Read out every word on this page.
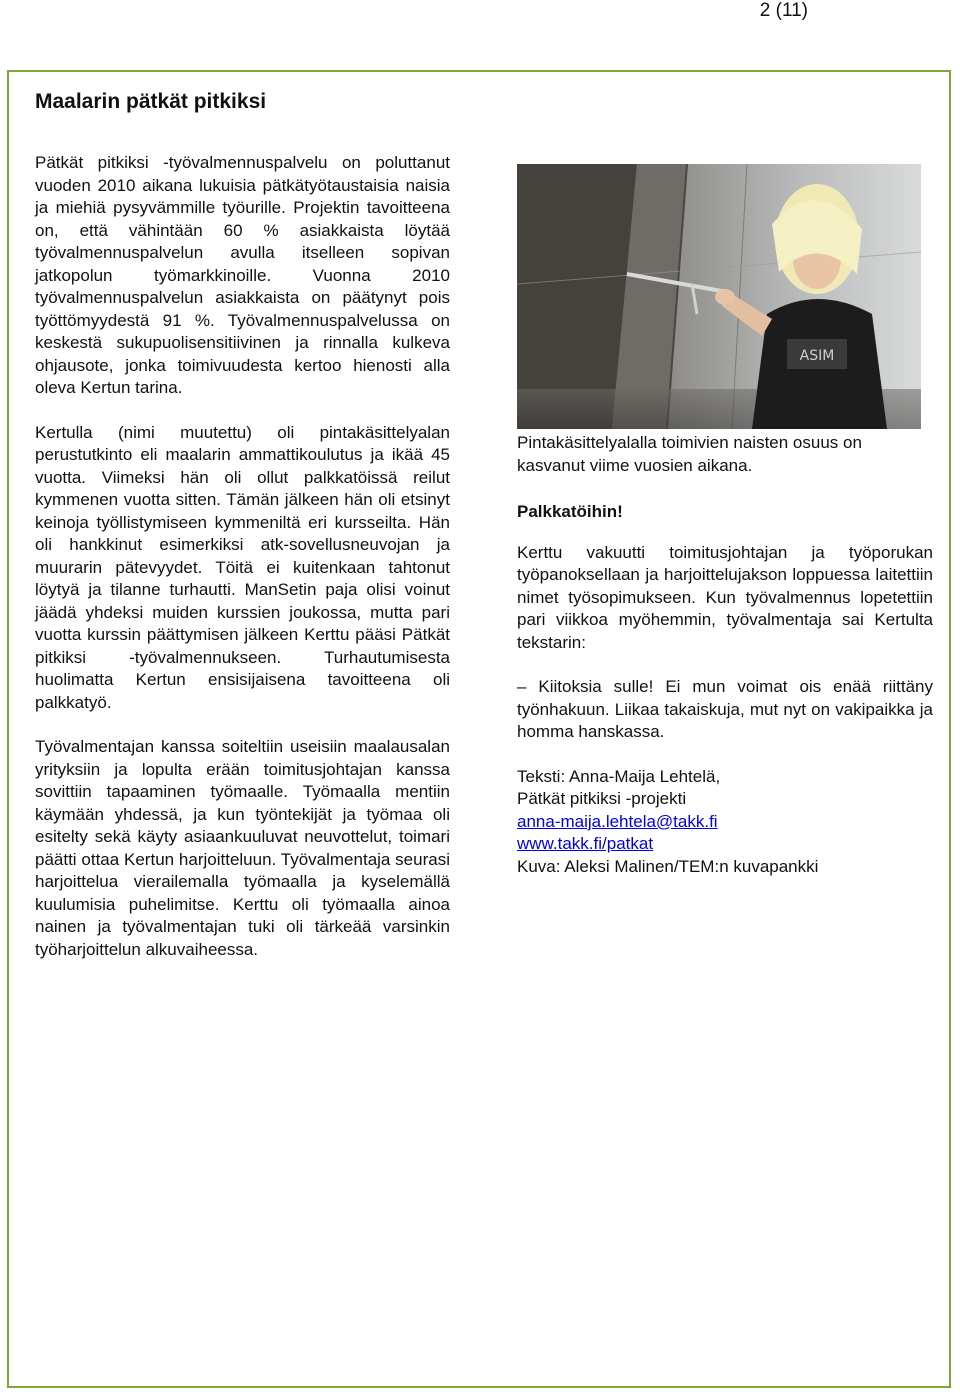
2 (11)
Maalarin pätkät pitkiksi

Pätkät pitkiksi -työvalmennuspalvelu on poluttanut vuoden 2010 aikana lukuisia pätkätyötaustaisia naisia ja miehiä pysyvämmille työurille. Projektin tavoitteena on, että vähintään 60 % asiakkaista löytää työvalmennuspalvelun avulla itselleen sopivan jatkopolun työmarkkinoille. Vuonna 2010 työvalmennuspalvelun asiakkaista on päätynyt pois työttömyydestä 91 %. Työvalmennuspalvelussa on keskestä sukupuolisensitiivinen ja rinnalla kulkeva ohjausote, jonka toimivuudesta kertoo hienosti alla oleva Kertun tarina.

Kertulla (nimi muutettu) oli pintakäsittelyalan perustutkinto eli maalarin ammattikoulutus ja ikää 45 vuotta. Viimeksi hän oli ollut palkkatöissä reilut kymmenen vuotta sitten. Tämän jälkeen hän oli etsinyt keinoja työllistymiseen kymmeniltä eri kursseilta. Hän oli hankkinut esimerkiksi atk-sovellusneuvojan ja muurarin pätevyydet. Töitä ei kuitenkaan tahtonut löytyä ja tilanne turhautti. ManSetin paja olisi voinut jäädä yhdeksi muiden kurssien joukossa, mutta pari vuotta kurssin päättymisen jälkeen Kerttu pääsi Pätkät pitkiksi -työvalmennukseen. Turhautumisesta huolimatta Kertun ensisijaisena tavoitteena oli palkkatyö.

Työvalmentajan kanssa soiteltiin useisiin maalausalan yrityksiin ja lopulta erään toimitusjohtajan kanssa sovittiin tapaaminen työmaalle. Työmaalla mentiin käymään yhdessä, ja kun työntekijät ja työmaa oli esitelty sekä käyty asiaankuuluvat neuvottelut, toimari päätti ottaa Kertun harjoitteluun. Työvalmentaja seurasi harjoittelua vierailemalla työmaalla ja kyselemällä kuulumisia puhelimitse. Kerttu oli työmaalla ainoa nainen ja työvalmentajan tuki oli tärkeää varsinkin työharjoittelun alkuvaiheessa.

ASIM

Pintakäsittelyalalla toimivien naisten osuus on kasvanut viime vuosien aikana.

Palkkatöihin!

Kerttu vakuutti toimitusjohtajan ja työporukan työpanoksellaan ja harjoittelujakson loppuessa laitettiin nimet työsopimukseen. Kun työvalmennus lopetettiin pari viikkoa myöhemmin, työvalmentaja sai Kertulta tekstarin:

– Kiitoksia sulle! Ei mun voimat ois enää riittäny työnhakuun. Liikaa takaiskuja, mut nyt on vakipaikka ja homma hanskassa.

Teksti: Anna-Maija Lehtelä,
Pätkät pitkiksi -projekti
anna-maija.lehtela@takk.fi
www.takk.fi/patkat
Kuva: Aleksi Malinen/TEM:n kuvapankki
